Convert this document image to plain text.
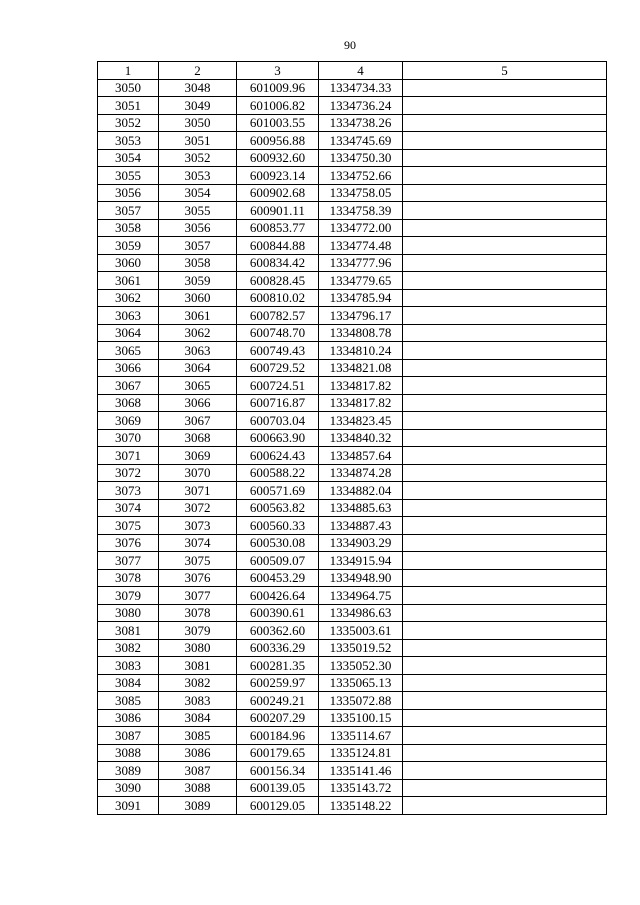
90
1	2	3	4	5
3050	3048	601009.96	1334734.33	
3051	3049	601006.82	1334736.24	
3052	3050	601003.55	1334738.26	
3053	3051	600956.88	1334745.69	
3054	3052	600932.60	1334750.30	
3055	3053	600923.14	1334752.66	
3056	3054	600902.68	1334758.05	
3057	3055	600901.11	1334758.39	
3058	3056	600853.77	1334772.00	
3059	3057	600844.88	1334774.48	
3060	3058	600834.42	1334777.96	
3061	3059	600828.45	1334779.65	
3062	3060	600810.02	1334785.94	
3063	3061	600782.57	1334796.17	
3064	3062	600748.70	1334808.78	
3065	3063	600749.43	1334810.24	
3066	3064	600729.52	1334821.08	
3067	3065	600724.51	1334817.82	
3068	3066	600716.87	1334817.82	
3069	3067	600703.04	1334823.45	
3070	3068	600663.90	1334840.32	
3071	3069	600624.43	1334857.64	
3072	3070	600588.22	1334874.28	
3073	3071	600571.69	1334882.04	
3074	3072	600563.82	1334885.63	
3075	3073	600560.33	1334887.43	
3076	3074	600530.08	1334903.29	
3077	3075	600509.07	1334915.94	
3078	3076	600453.29	1334948.90	
3079	3077	600426.64	1334964.75	
3080	3078	600390.61	1334986.63	
3081	3079	600362.60	1335003.61	
3082	3080	600336.29	1335019.52	
3083	3081	600281.35	1335052.30	
3084	3082	600259.97	1335065.13	
3085	3083	600249.21	1335072.88	
3086	3084	600207.29	1335100.15	
3087	3085	600184.96	1335114.67	
3088	3086	600179.65	1335124.81	
3089	3087	600156.34	1335141.46	
3090	3088	600139.05	1335143.72	
3091	3089	600129.05	1335148.22	
